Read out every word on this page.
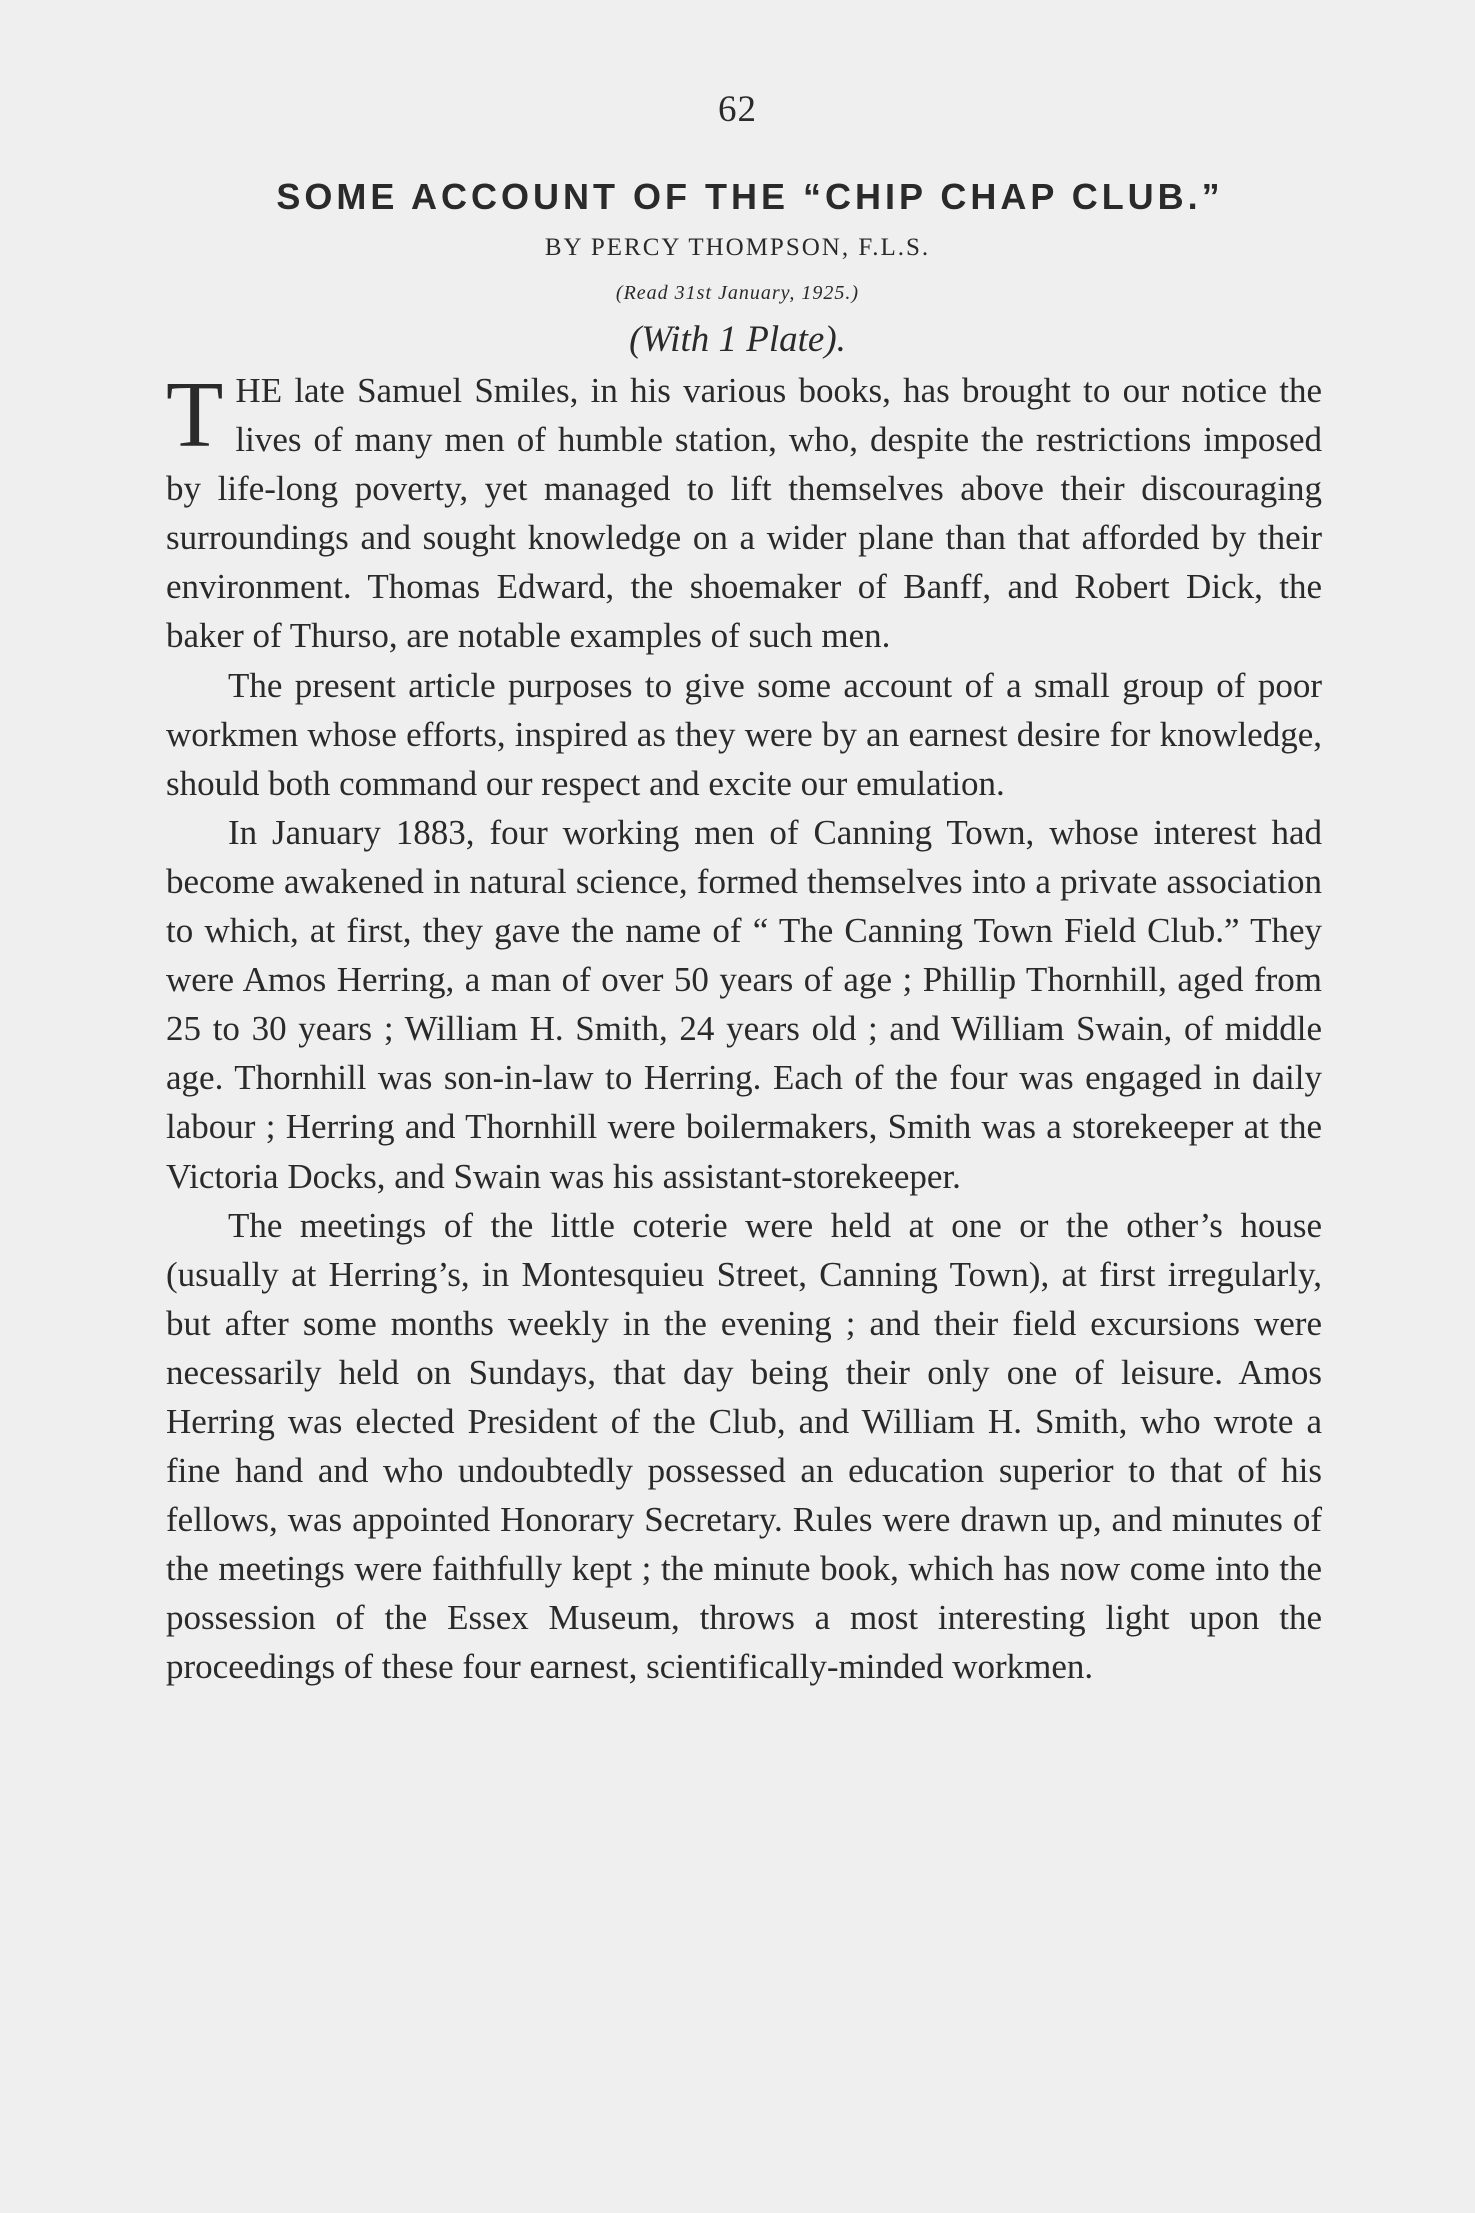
62
SOME ACCOUNT OF THE “CHIP CHAP CLUB.”
BY PERCY THOMPSON, F.L.S.
(Read 31st January, 1925.)
(With 1 Plate).

THE late Samuel Smiles, in his various books, has brought to our notice the lives of many men of humble station, who, despite the restrictions imposed by life-long poverty, yet managed to lift themselves above their discouraging surroundings and sought knowledge on a wider plane than that afforded by their environment. Thomas Edward, the shoemaker of Banff, and Robert Dick, the baker of Thurso, are notable examples of such men.

The present article purposes to give some account of a small group of poor workmen whose efforts, inspired as they were by an earnest desire for knowledge, should both command our respect and excite our emulation.

In January 1883, four working men of Canning Town, whose interest had become awakened in natural science, formed themselves into a private association to which, at first, they gave the name of “ The Canning Town Field Club.” They were Amos Herring, a man of over 50 years of age ; Phillip Thornhill, aged from 25 to 30 years ; William H. Smith, 24 years old ; and William Swain, of middle age. Thornhill was son-in-law to Herring. Each of the four was engaged in daily labour ; Herring and Thornhill were boilermakers, Smith was a storekeeper at the Victoria Docks, and Swain was his assistant-storekeeper.

The meetings of the little coterie were held at one or the other’s house (usually at Herring’s, in Montesquieu Street, Canning Town), at first irregularly, but after some months weekly in the evening ; and their field excursions were necessarily held on Sundays, that day being their only one of leisure. Amos Herring was elected President of the Club, and William H. Smith, who wrote a fine hand and who undoubtedly possessed an education superior to that of his fellows, was appointed Honorary Secretary. Rules were drawn up, and minutes of the meetings were faithfully kept ; the minute book, which has now come into the possession of the Essex Museum, throws a most interesting light upon the proceedings of these four earnest, scientifically-minded workmen.
